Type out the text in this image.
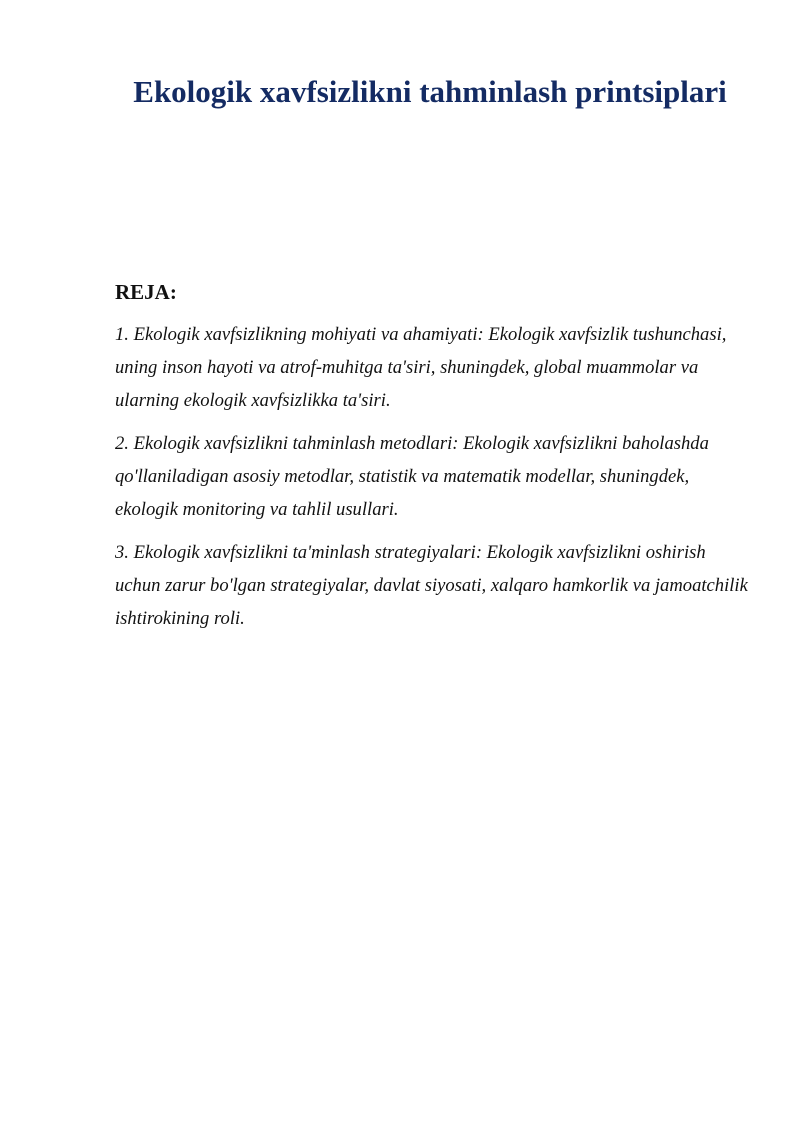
Ekologik xavfsizlikni tahminlash printsiplari

REJA:

1. Ekologik xavfsizlikning mohiyati va ahamiyati: Ekologik xavfsizlik tushunchasi, uning inson hayoti va atrof-muhitga ta'siri, shuningdek, global muammolar va ularning ekologik xavfsizlikka ta'siri.

2. Ekologik xavfsizlikni tahminlash metodlari: Ekologik xavfsizlikni baholashda qo'llaniladigan asosiy metodlar, statistik va matematik modellar, shuningdek, ekologik monitoring va tahlil usullari.

3. Ekologik xavfsizlikni ta'minlash strategiyalari: Ekologik xavfsizlikni oshirish uchun zarur bo'lgan strategiyalar, davlat siyosati, xalqaro hamkorlik va jamoatchilik ishtirokining roli.
